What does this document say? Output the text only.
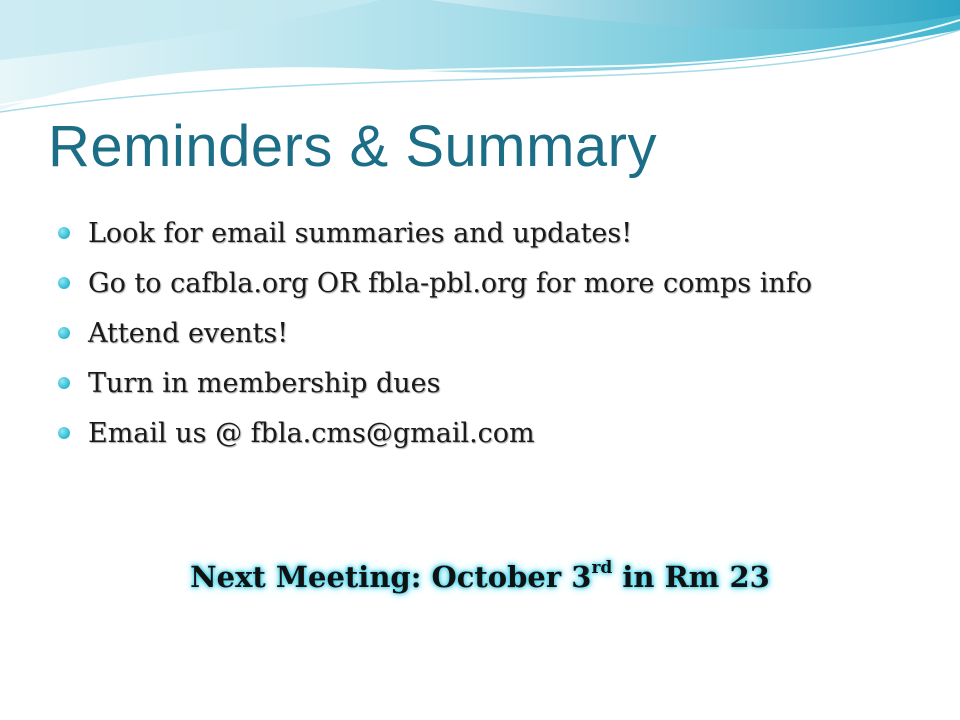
Reminders & Summary
Look for email summaries and updates!
Go to cafbla.org OR fbla-pbl.org for more comps info
Attend events!
Turn in membership dues
Email us @ fbla.cms@gmail.com
Next Meeting: October 3rd in Rm 23
